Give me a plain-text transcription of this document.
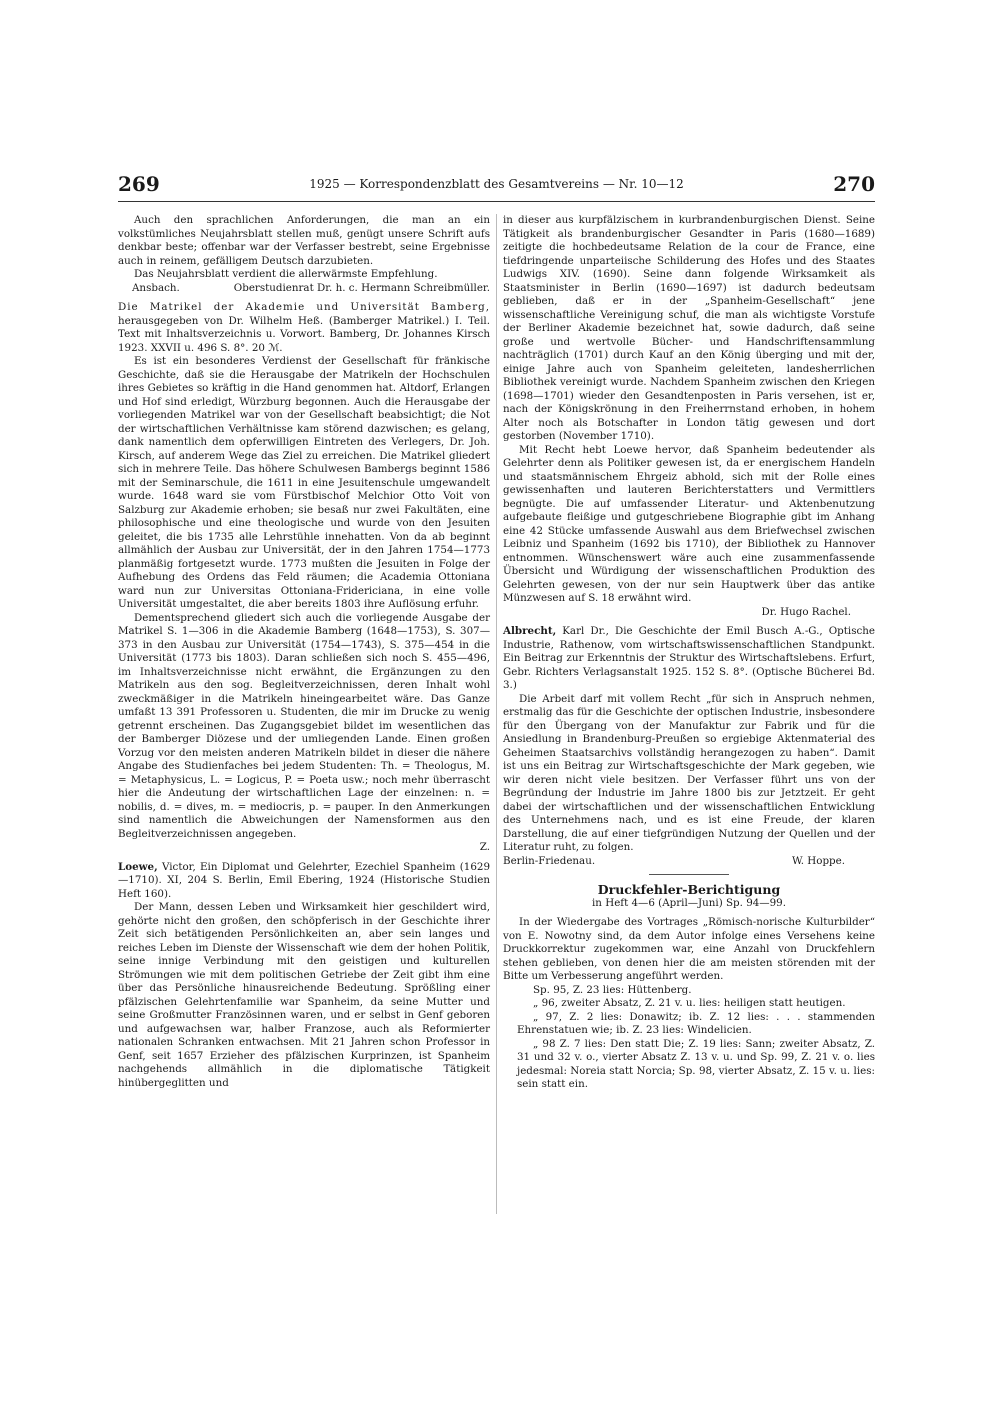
269	1925 — Korrespondenzblatt des Gesamtvereins — Nr. 10—12	270

Auch den sprachlichen Anforderungen, die man an ein volkstümliches Neujahrsblatt stellen muß, genügt unsere Schrift aufs denkbar beste; offenbar war der Verfasser bestrebt, seine Ergebnisse auch in reinem, gefälligem Deutsch darzubieten.

Das Neujahrsblatt verdient die allerwärmste Empfehlung.

Ansbach.	Oberstudienrat Dr. h. c. Hermann Schreibmüller.

Die Matrikel der Akademie und Universität Bamberg, herausgegeben von Dr. Wilhelm Heß. (Bamberger Matrikel.) I. Teil. Text mit Inhaltsverzeichnis u. Vorwort. Bamberg, Dr. Johannes Kirsch 1923. XXVII u. 496 S. 8°. 20 ℳ.

Es ist ein besonderes Verdienst der Gesellschaft für fränkische Geschichte, daß sie die Herausgabe der Matrikeln der Hochschulen ihres Gebietes so kräftig in die Hand genommen hat. Altdorf, Erlangen und Hof sind erledigt, Würzburg begonnen. Auch die Herausgabe der vorliegenden Matrikel war von der Gesellschaft beabsichtigt; die Not der wirtschaftlichen Verhältnisse kam störend dazwischen; es gelang, dank namentlich dem opferwilligen Eintreten des Verlegers, Dr. Joh. Kirsch, auf anderem Wege das Ziel zu erreichen. Die Matrikel gliedert sich in mehrere Teile. Das höhere Schulwesen Bambergs beginnt 1586 mit der Seminarschule, die 1611 in eine Jesuitenschule umgewandelt wurde. 1648 ward sie vom Fürstbischof Melchior Otto Voit von Salzburg zur Akademie erhoben; sie besaß nur zwei Fakultäten, eine philosophische und eine theologische und wurde von den Jesuiten geleitet, die bis 1735 alle Lehrstühle innehatten. Von da ab beginnt allmählich der Ausbau zur Universität, der in den Jahren 1754—1773 planmäßig fortgesetzt wurde. 1773 mußten die Jesuiten in Folge der Aufhebung des Ordens das Feld räumen; die Academia Ottoniana ward nun zur Universitas Ottoniana-Fridericiana, in eine volle Universität umgestaltet, die aber bereits 1803 ihre Auflösung erfuhr.

Dementsprechend gliedert sich auch die vorliegende Ausgabe der Matrikel S. 1—306 in die Akademie Bamberg (1648—1753), S. 307—373 in den Ausbau zur Universität (1754—1743), S. 375—454 in die Universität (1773 bis 1803). Daran schließen sich noch S. 455—496, im Inhaltsverzeichnisse nicht erwähnt, die Ergänzungen zu den Matrikeln aus den sog. Begleitverzeichnissen, deren Inhalt wohl zweckmäßiger in die Matrikeln hineingearbeitet wäre. Das Ganze umfaßt 13 391 Professoren u. Studenten, die mir im Drucke zu wenig getrennt erscheinen. Das Zugangsgebiet bildet im wesentlichen das der Bamberger Diözese und der umliegenden Lande. Einen großen Vorzug vor den meisten anderen Matrikeln bildet in dieser die nähere Angabe des Studienfaches bei jedem Studenten: Th. = Theologus, M. = Metaphysicus, L. = Logicus, P. = Poeta usw.; noch mehr überrascht hier die Andeutung der wirtschaftlichen Lage der einzelnen: n. = nobilis, d. = dives, m. = mediocris, p. = pauper. In den Anmerkungen sind namentlich die Abweichungen der Namensformen aus den Begleitverzeichnissen angegeben.

Z.

Loewe, Victor, Ein Diplomat und Gelehrter, Ezechiel Spanheim (1629—1710). XI, 204 S. Berlin, Emil Ebering, 1924 (Historische Studien Heft 160).

Der Mann, dessen Leben und Wirksamkeit hier geschildert wird, gehörte nicht den großen, den schöpferisch in der Geschichte ihrer Zeit sich betätigenden Persönlichkeiten an, aber sein langes und reiches Leben im Dienste der Wissenschaft wie dem der hohen Politik, seine innige Verbindung mit den geistigen und kulturellen Strömungen wie mit dem politischen Getriebe der Zeit gibt ihm eine über das Persönliche hinausreichende Bedeutung. Sprößling einer pfälzischen Gelehrtenfamilie war Spanheim, da seine Mutter und seine Großmutter Französinnen waren, und er selbst in Genf geboren und aufgewachsen war, halber Franzose, auch als Reformierter nationalen Schranken entwachsen. Mit 21 Jahren schon Professor in Genf, seit 1657 Erzieher des pfälzischen Kurprinzen, ist Spanheim nachgehends allmählich in die diplomatische Tätigkeit hinübergeglitten und

in dieser aus kurpfälzischem in kurbrandenburgischen Dienst. Seine Tätigkeit als brandenburgischer Gesandter in Paris (1680—1689) zeitigte die hochbedeutsame Relation de la cour de France, eine tiefdringende unparteiische Schilderung des Hofes und des Staates Ludwigs XIV. (1690). Seine dann folgende Wirksamkeit als Staatsminister in Berlin (1690—1697) ist dadurch bedeutsam geblieben, daß er in der „Spanheim-Gesellschaft“ jene wissenschaftliche Vereinigung schuf, die man als wichtigste Vorstufe der Berliner Akademie bezeichnet hat, sowie dadurch, daß seine große und wertvolle Bücher- und Handschriftensammlung nachträglich (1701) durch Kauf an den König überging und mit der, einige Jahre auch von Spanheim geleiteten, landesherrlichen Bibliothek vereinigt wurde. Nachdem Spanheim zwischen den Kriegen (1698—1701) wieder den Gesandtenposten in Paris versehen, ist er, nach der Königskrönung in den Freiherrnstand erhoben, in hohem Alter noch als Botschafter in London tätig gewesen und dort gestorben (November 1710).

Mit Recht hebt Loewe hervor, daß Spanheim bedeutender als Gelehrter denn als Politiker gewesen ist, da er energischem Handeln und staatsmännischem Ehrgeiz abhold, sich mit der Rolle eines gewissenhaften und lauteren Berichterstatters und Vermittlers begnügte. Die auf umfassender Literatur- und Aktenbenutzung aufgebaute fleißige und gutgeschriebene Biographie gibt im Anhang eine 42 Stücke umfassende Auswahl aus dem Briefwechsel zwischen Leibniz und Spanheim (1692 bis 1710), der Bibliothek zu Hannover entnommen. Wünschenswert wäre auch eine zusammenfassende Übersicht und Würdigung der wissenschaftlichen Produktion des Gelehrten gewesen, von der nur sein Hauptwerk über das antike Münzwesen auf S. 18 erwähnt wird.

Dr. Hugo Rachel.

Albrecht, Karl Dr., Die Geschichte der Emil Busch A.-G., Optische Industrie, Rathenow, vom wirtschaftswissenschaftlichen Standpunkt. Ein Beitrag zur Erkenntnis der Struktur des Wirtschaftslebens. Erfurt, Gebr. Richters Verlagsanstalt 1925. 152 S. 8°. (Optische Bücherei Bd. 3.)

Die Arbeit darf mit vollem Recht „für sich in Anspruch nehmen, erstmalig das für die Geschichte der optischen Industrie, insbesondere für den Übergang von der Manufaktur zur Fabrik und für die Ansiedlung in Brandenburg-Preußen so ergiebige Aktenmaterial des Geheimen Staatsarchivs vollständig herangezogen zu haben“. Damit ist uns ein Beitrag zur Wirtschaftsgeschichte der Mark gegeben, wie wir deren nicht viele besitzen. Der Verfasser führt uns von der Begründung der Industrie im Jahre 1800 bis zur Jetztzeit. Er geht dabei der wirtschaftlichen und der wissenschaftlichen Entwicklung des Unternehmens nach, und es ist eine Freude, der klaren Darstellung, die auf einer tiefgründigen Nutzung der Quellen und der Literatur ruht, zu folgen.

Berlin-Friedenau.	W. Hoppe.
Druckfehler-Berichtigung
in Heft 4—6 (April—Juni) Sp. 94—99.

In der Wiedergabe des Vortrages „Römisch-norische Kulturbilder“ von E. Nowotny sind, da dem Autor infolge eines Versehens keine Druckkorrektur zugekommen war, eine Anzahl von Druckfehlern stehen geblieben, von denen hier die am meisten störenden mit der Bitte um Verbesserung angeführt werden.

Sp. 95, Z. 23 lies: Hüttenberg.

„ 96, zweiter Absatz, Z. 21 v. u. lies: heiligen statt heutigen.

„ 97, Z. 2 lies: Donawitz; ib. Z. 12 lies: . . . stammenden Ehrenstatuen wie; ib. Z. 23 lies: Windelicien.

„ 98 Z. 7 lies: Den statt Die; Z. 19 lies: Sann; zweiter Absatz, Z. 31 und 32 v. o., vierter Absatz Z. 13 v. u. und Sp. 99, Z. 21 v. o. lies jedesmal: Noreia statt Norcia; Sp. 98, vierter Absatz, Z. 15 v. u. lies: sein statt ein.
